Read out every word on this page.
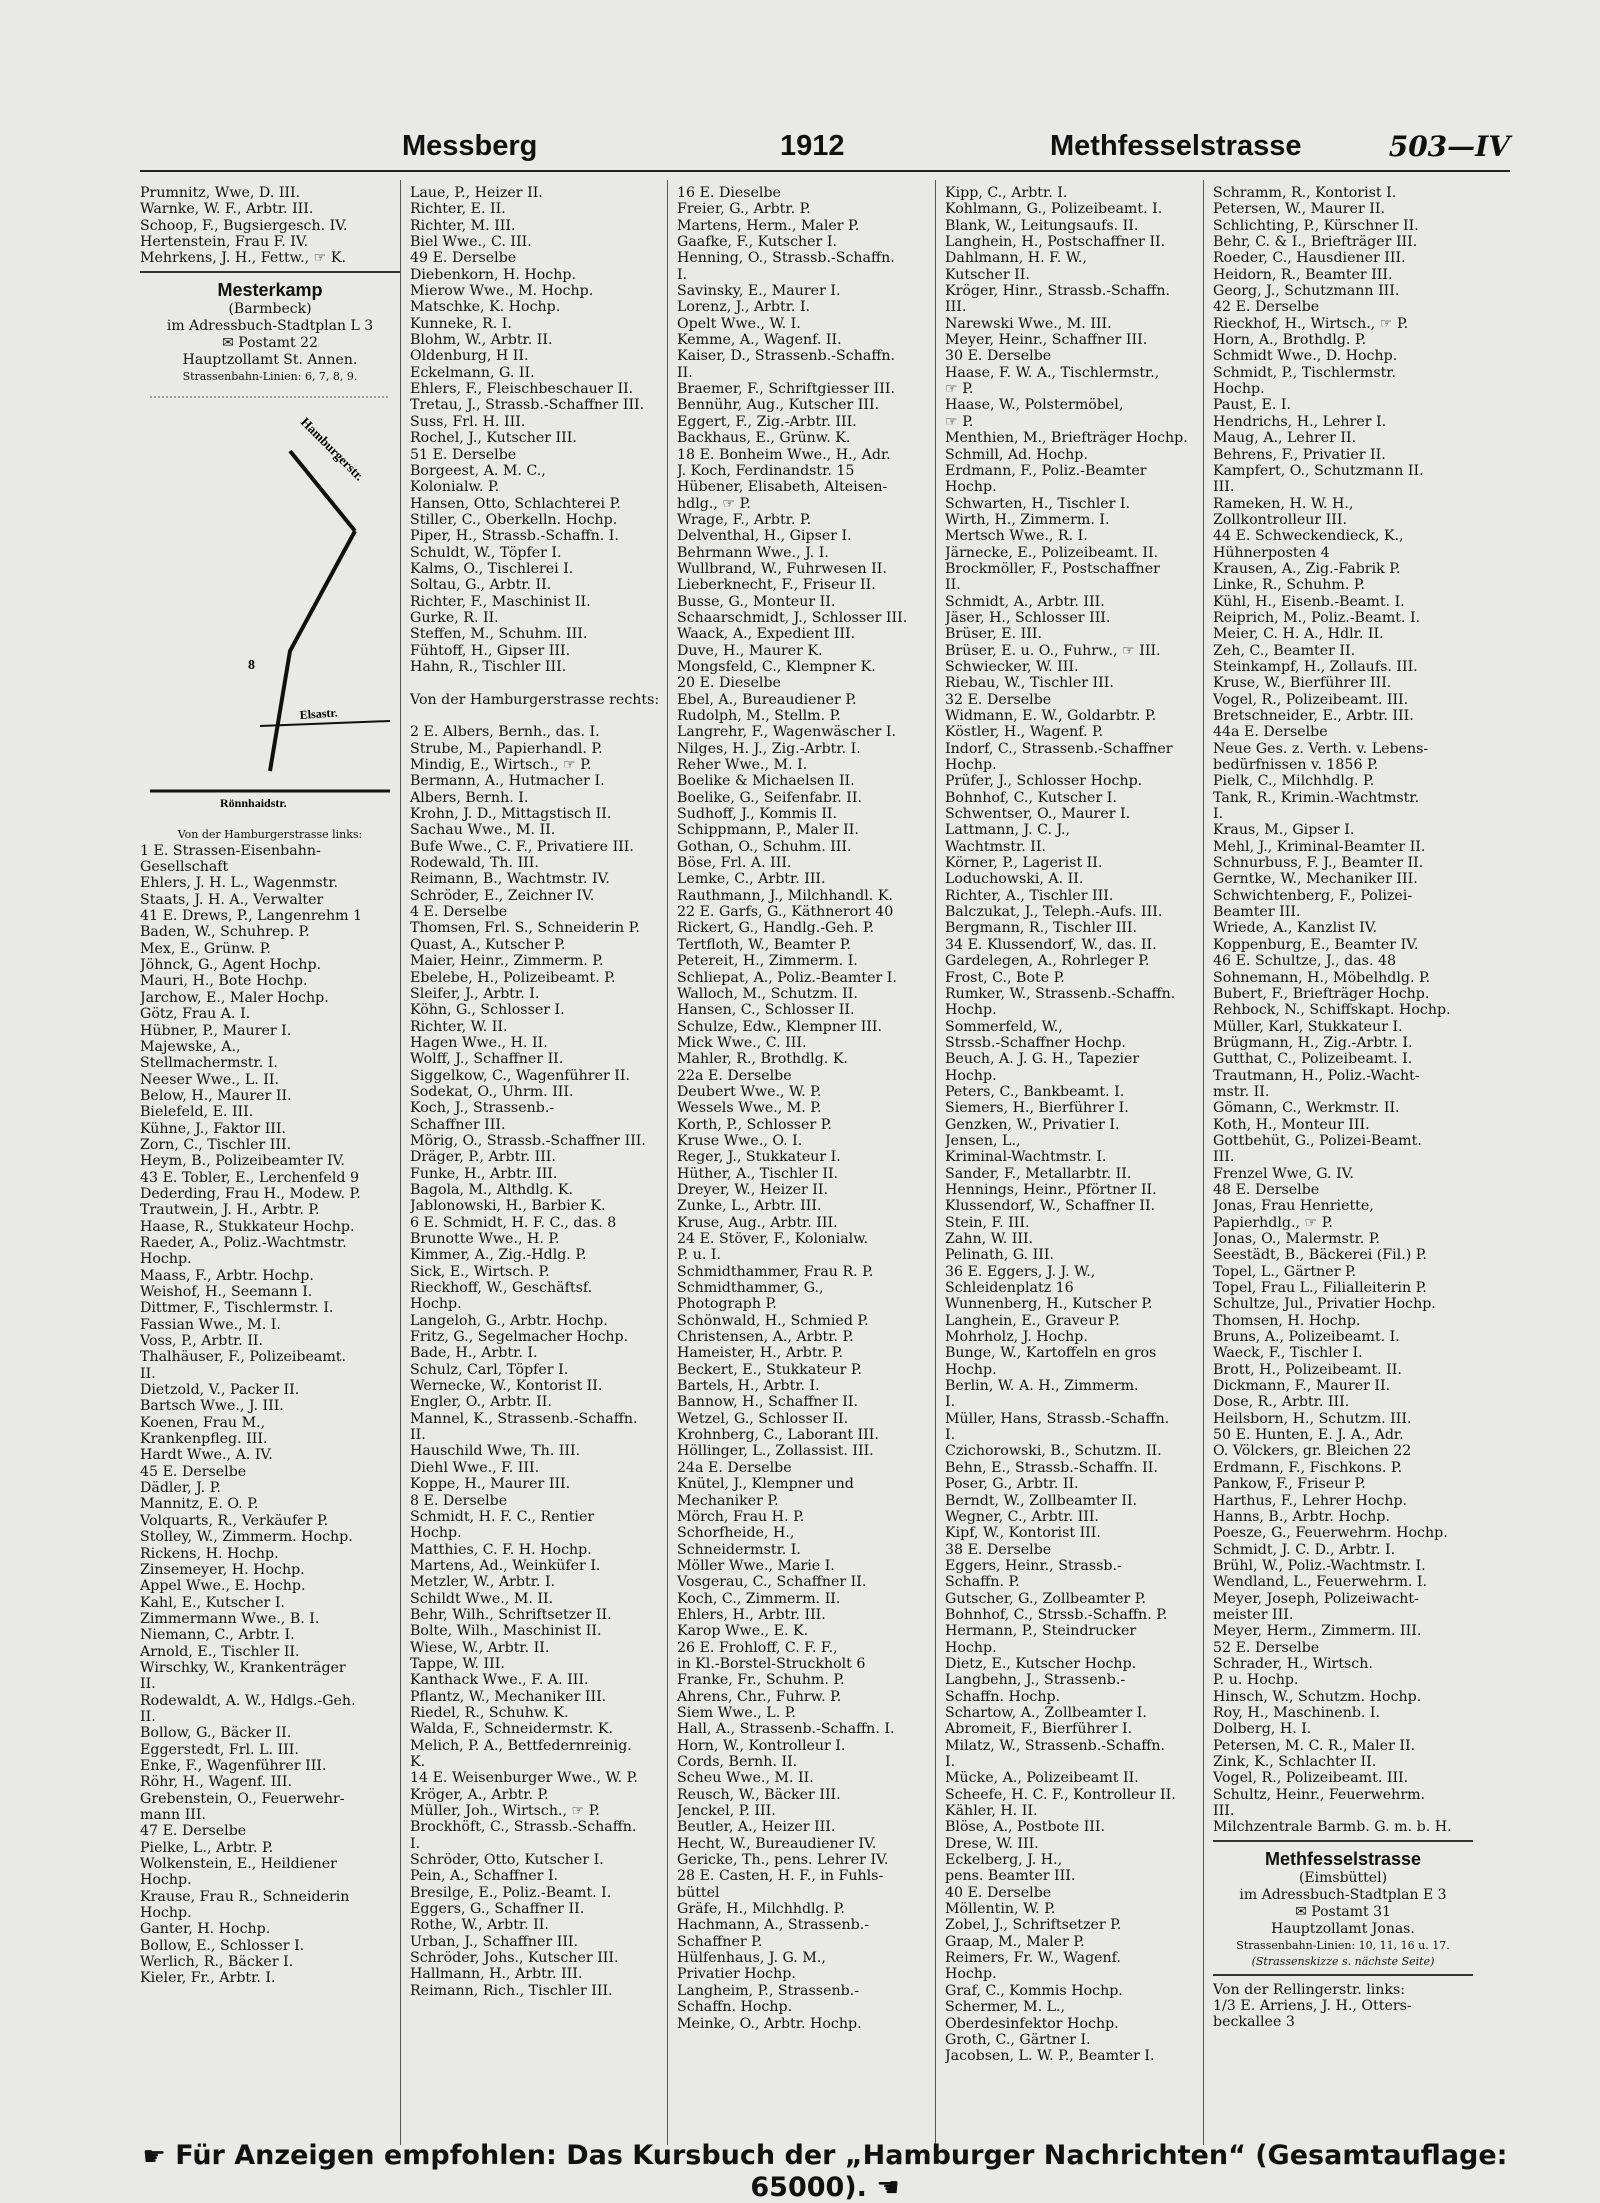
Messberg	1912	Methfesselstrasse	503—IV
Prumnitz, Wwe, D. III.
Warnke, W. F., Arbtr. III.
Schoop, F., Bugsiergesch. IV.
Hertenstein, Frau F. IV.
Mehrkens, J. H., Fettw., ☞ K.
Mesterkamp
(Barmbeck)
im Adressbuch-Stadtplan L 3
✉ Postamt 22
Hauptzollamt St. Annen.
Strassenbahn-Linien: 6, 7, 8, 9.
Hamburgerstr.
Elsastr.
Rönnhaidstr.
8
Von der Hamburgerstrasse links:
1 E. Strassen-Eisenbahn-
Gesellschaft
Ehlers, J. H. L., Wagenmstr.
Staats, J. H. A., Verwalter
41 E. Drews, P., Langenrehm 1
Baden, W., Schuhrep. P.
Mex, E., Grünw. P.
Jöhnck, G., Agent Hochp.
Mauri, H., Bote Hochp.
Jarchow, E., Maler Hochp.
Götz, Frau A. I.
Hübner, P., Maurer I.
Majewske, A.,
Stellmachermstr. I.
Neeser Wwe., L. II.
Below, H., Maurer II.
Bielefeld, E. III.
Kühne, J., Faktor III.
Zorn, C., Tischler III.
Heym, B., Polizeibeamter IV.
43 E. Tobler, E., Lerchenfeld 9
Dederding, Frau H., Modew. P.
Trautwein, J. H., Arbtr. P.
Haase, R., Stukkateur Hochp.
Raeder, A., Poliz.-Wachtmstr.
Hochp.
Maass, F., Arbtr. Hochp.
Weishof, H., Seemann I.
Dittmer, F., Tischlermstr. I.
Fassian Wwe., M. I.
Voss, P., Arbtr. II.
Thalhäuser, F., Polizeibeamt.
II.
Dietzold, V., Packer II.
Bartsch Wwe., J. III.
Koenen, Frau M.,
Krankenpfleg. III.
Hardt Wwe., A. IV.
45 E. Derselbe
Dädler, J. P.
Mannitz, E. O. P.
Volquarts, R., Verkäufer P.
Stolley, W., Zimmerm. Hochp.
Rickens, H. Hochp.
Zinsemeyer, H. Hochp.
Appel Wwe., E. Hochp.
Kahl, E., Kutscher I.
Zimmermann Wwe., B. I.
Niemann, C., Arbtr. I.
Arnold, E., Tischler II.
Wirschky, W., Krankenträger
II.
Rodewaldt, A. W., Hdlgs.-Geh.
II.
Bollow, G., Bäcker II.
Eggerstedt, Frl. L. III.
Enke, F., Wagenführer III.
Röhr, H., Wagenf. III.
Grebenstein, O., Feuerwehr-
mann III.
47 E. Derselbe
Pielke, L., Arbtr. P.
Wolkenstein, E., Heildiener
Hochp.
Krause, Frau R., Schneiderin
Hochp.
Ganter, H. Hochp.
Bollow, E., Schlosser I.
Werlich, R., Bäcker I.
Kieler, Fr., Arbtr. I.
Laue, P., Heizer II.
Richter, E. II.
Richter, M. III.
Biel Wwe., C. III.
49 E. Derselbe
Diebenkorn, H. Hochp.
Mierow Wwe., M. Hochp.
Matschke, K. Hochp.
Kunneke, R. I.
Blohm, W., Arbtr. II.
Oldenburg, H II.
Eckelmann, G. II.
Ehlers, F., Fleischbeschauer II.
Tretau, J., Strassb.-Schaffner III.
Suss, Frl. H. III.
Rochel, J., Kutscher III.
51 E. Derselbe
Borgeest, A. M. C.,
Kolonialw. P.
Hansen, Otto, Schlachterei P.
Stiller, C., Oberkelln. Hochp.
Piper, H., Strassb.-Schaffn. I.
Schuldt, W., Töpfer I.
Kalms, O., Tischlerei I.
Soltau, G., Arbtr. II.
Richter, F., Maschinist II.
Gurke, R. II.
Steffen, M., Schuhm. III.
Fühtoff, H., Gipser III.
Hahn, R., Tischler III.

Von der Hamburgerstrasse rechts:

2 E. Albers, Bernh., das. I.
Strube, M., Papierhandl. P.
Mindig, E., Wirtsch., ☞ P.
Bermann, A., Hutmacher I.
Albers, Bernh. I.
Krohn, J. D., Mittagstisch II.
Sachau Wwe., M. II.
Bufe Wwe., C. F., Privatiere III.
Rodewald, Th. III.
Reimann, B., Wachtmstr. IV.
Schröder, E., Zeichner IV.
4 E. Derselbe
Thomsen, Frl. S., Schneiderin P.
Quast, A., Kutscher P.
Maier, Heinr., Zimmerm. P.
Ebelebe, H., Polizeibeamt. P.
Sleifer, J., Arbtr. I.
Köhn, G., Schlosser I.
Richter, W. II.
Hagen Wwe., H. II.
Wolff, J., Schaffner II.
Siggelkow, C., Wagenführer II.
Sodekat, O., Uhrm. III.
Koch, J., Strassenb.-
Schaffner III.
Mörig, O., Strassb.-Schaffner III.
Dräger, P., Arbtr. III.
Funke, H., Arbtr. III.
Bagola, M., Althdlg. K.
Jablonowski, H., Barbier K.
6 E. Schmidt, H. F. C., das. 8
Brunotte Wwe., H. P.
Kimmer, A., Zig.-Hdlg. P.
Sick, E., Wirtsch. P.
Rieckhoff, W., Geschäftsf.
Hochp.
Langeloh, G., Arbtr. Hochp.
Fritz, G., Segelmacher Hochp.
Bade, H., Arbtr. I.
Schulz, Carl, Töpfer I.
Wernecke, W., Kontorist II.
Engler, O., Arbtr. II.
Mannel, K., Strassenb.-Schaffn.
II.
Hauschild Wwe, Th. III.
Diehl Wwe., F. III.
Koppe, H., Maurer III.
8 E. Derselbe
Schmidt, H. F. C., Rentier
Hochp.
Matthies, C. F. H. Hochp.
Martens, Ad., Weinküfer I.
Metzler, W., Arbtr. I.
Schildt Wwe., M. II.
Behr, Wilh., Schriftsetzer II.
Bolte, Wilh., Maschinist II.
Wiese, W., Arbtr. II.
Tappe, W. III.
Kanthack Wwe., F. A. III.
Pflantz, W., Mechaniker III.
Riedel, R., Schuhw. K.
Walda, F., Schneidermstr. K.
Melich, P. A., Bettfedernreinig.
K.
14 E. Weisenburger Wwe., W. P.
Kröger, A., Arbtr. P.
Müller, Joh., Wirtsch., ☞ P.
Brockhöft, C., Strassb.-Schaffn.
I.
Schröder, Otto, Kutscher I.
Pein, A., Schaffner I.
Bresilge, E., Poliz.-Beamt. I.
Eggers, G., Schaffner II.
Rothe, W., Arbtr. II.
Urban, J., Schaffner III.
Schröder, Johs., Kutscher III.
Hallmann, H., Arbtr. III.
Reimann, Rich., Tischler III.
16 E. Dieselbe
Freier, G., Arbtr. P.
Martens, Herm., Maler P.
Gaafke, F., Kutscher I.
Henning, O., Strassb.-Schaffn.
I.
Savinsky, E., Maurer I.
Lorenz, J., Arbtr. I.
Opelt Wwe., W. I.
Kemme, A., Wagenf. II.
Kaiser, D., Strassenb.-Schaffn.
II.
Braemer, F., Schriftgiesser III.
Bennühr, Aug., Kutscher III.
Eggert, F., Zig.-Arbtr. III.
Backhaus, E., Grünw. K.
18 E. Bonheim Wwe., H., Adr.
J. Koch, Ferdinandstr. 15
Hübener, Elisabeth, Alteisen-
hdlg., ☞ P.
Wrage, F., Arbtr. P.
Delventhal, H., Gipser I.
Behrmann Wwe., J. I.
Wullbrand, W., Fuhrwesen II.
Lieberknecht, F., Friseur II.
Busse, G., Monteur II.
Schaarschmidt, J., Schlosser III.
Waack, A., Expedient III.
Duve, H., Maurer K.
Mongsfeld, C., Klempner K.
20 E. Dieselbe
Ebel, A., Bureaudiener P.
Rudolph, M., Stellm. P.
Langrehr, F., Wagenwäscher I.
Nilges, H. J., Zig.-Arbtr. I.
Reher Wwe., M. I.
Boelike & Michaelsen II.
Boelike, G., Seifenfabr. II.
Sudhoff, J., Kommis II.
Schippmann, P., Maler II.
Gothan, O., Schuhm. III.
Böse, Frl. A. III.
Lemke, C., Arbtr. III.
Rauthmann, J., Milchhandl. K.
22 E. Garfs, G., Käthnerort 40
Rickert, G., Handlg.-Geh. P.
Tertfloth, W., Beamter P.
Petereit, H., Zimmerm. I.
Schliepat, A., Poliz.-Beamter I.
Walloch, M., Schutzm. II.
Hansen, C., Schlosser II.
Schulze, Edw., Klempner III.
Mick Wwe., C. III.
Mahler, R., Brothdlg. K.
22a E. Derselbe
Deubert Wwe., W. P.
Wessels Wwe., M. P.
Korth, P., Schlosser P.
Kruse Wwe., O. I.
Reger, J., Stukkateur I.
Hüther, A., Tischler II.
Dreyer, W., Heizer II.
Zunke, L., Arbtr. III.
Kruse, Aug., Arbtr. III.
24 E. Stöver, F., Kolonialw.
P. u. I.
Schmidthammer, Frau R. P.
Schmidthammer, G.,
Photograph P.
Schönwald, H., Schmied P.
Christensen, A., Arbtr. P.
Hameister, H., Arbtr. P.
Beckert, E., Stukkateur P.
Bartels, H., Arbtr. I.
Bannow, H., Schaffner II.
Wetzel, G., Schlosser II.
Krohnberg, C., Laborant III.
Höllinger, L., Zollassist. III.
24a E. Derselbe
Knütel, J., Klempner und
Mechaniker P.
Mörch, Frau H. P.
Schorfheide, H.,
Schneidermstr. I.
Möller Wwe., Marie I.
Vosgerau, C., Schaffner II.
Koch, C., Zimmerm. II.
Ehlers, H., Arbtr. III.
Karop Wwe., E. K.
26 E. Frohloff, C. F. F.,
in Kl.-Borstel-Struckholt 6
Franke, Fr., Schuhm. P.
Ahrens, Chr., Fuhrw. P.
Siem Wwe., L. P.
Hall, A., Strassenb.-Schaffn. I.
Horn, W., Kontrolleur I.
Cords, Bernh. II.
Scheu Wwe., M. II.
Reusch, W., Bäcker III.
Jenckel, P. III.
Beutler, A., Heizer III.
Hecht, W., Bureaudiener IV.
Gericke, Th., pens. Lehrer IV.
28 E. Casten, H. F., in Fuhls-
büttel
Gräfe, H., Milchhdlg. P.
Hachmann, A., Strassenb.-
Schaffner P.
Hülfenhaus, J. G. M.,
Privatier Hochp.
Langheim, P., Strassenb.-
Schaffn. Hochp.
Meinke, O., Arbtr. Hochp.
Kipp, C., Arbtr. I.
Kohlmann, G., Polizeibeamt. I.
Blank, W., Leitungsaufs. II.
Langhein, H., Postschaffner II.
Dahlmann, H. F. W.,
Kutscher II.
Kröger, Hinr., Strassb.-Schaffn.
III.
Narewski Wwe., M. III.
Meyer, Heinr., Schaffner III.
30 E. Derselbe
Haase, F. W. A., Tischlermstr.,
☞ P.
Haase, W., Polstermöbel,
☞ P.
Menthien, M., Briefträger Hochp.
Schmill, Ad. Hochp.
Erdmann, F., Poliz.-Beamter
Hochp.
Schwarten, H., Tischler I.
Wirth, H., Zimmerm. I.
Mertsch Wwe., R. I.
Järnecke, E., Polizeibeamt. II.
Brockmöller, F., Postschaffner
II.
Schmidt, A., Arbtr. III.
Jäser, H., Schlosser III.
Brüser, E. III.
Brüser, E. u. O., Fuhrw., ☞ III.
Schwiecker, W. III.
Riebau, W., Tischler III.
32 E. Derselbe
Widmann, E. W., Goldarbtr. P.
Köstler, H., Wagenf. P.
Indorf, C., Strassenb.-Schaffner
Hochp.
Prüfer, J., Schlosser Hochp.
Bohnhof, C., Kutscher I.
Schwentser, O., Maurer I.
Lattmann, J. C. J.,
Wachtmstr. II.
Körner, P., Lagerist II.
Loduchowski, A. II.
Richter, A., Tischler III.
Balczukat, J., Teleph.-Aufs. III.
Bergmann, R., Tischler III.
34 E. Klussendorf, W., das. II.
Gardelegen, A., Rohrleger P.
Frost, C., Bote P.
Rumker, W., Strassenb.-Schaffn.
Hochp.
Sommerfeld, W.,
Strssb.-Schaffner Hochp.
Beuch, A. J. G. H., Tapezier
Hochp.
Peters, C., Bankbeamt. I.
Siemers, H., Bierführer I.
Genzken, W., Privatier I.
Jensen, L.,
Kriminal-Wachtmstr. I.
Sander, F., Metallarbtr. II.
Hennings, Heinr., Pförtner II.
Klussendorf, W., Schaffner II.
Stein, F. III.
Zahn, W. III.
Pelinath, G. III.
36 E. Eggers, J. J. W.,
Schleidenplatz 16
Wunnenberg, H., Kutscher P.
Langhein, E., Graveur P.
Mohrholz, J. Hochp.
Bunge, W., Kartoffeln en gros
Hochp.
Berlin, W. A. H., Zimmerm.
I.
Müller, Hans, Strassb.-Schaffn.
I.
Czichorowski, B., Schutzm. II.
Behn, E., Strassb.-Schaffn. II.
Poser, G., Arbtr. II.
Berndt, W., Zollbeamter II.
Wegner, C., Arbtr. III.
Kipf, W., Kontorist III.
38 E. Derselbe
Eggers, Heinr., Strassb.-
Schaffn. P.
Gutscher, G., Zollbeamter P.
Bohnhof, C., Strssb.-Schaffn. P.
Hermann, P., Steindrucker
Hochp.
Dietz, E., Kutscher Hochp.
Langbehn, J., Strassenb.-
Schaffn. Hochp.
Schartow, A., Zollbeamter I.
Abromeit, F., Bierführer I.
Milatz, W., Strassenb.-Schaffn.
I.
Mücke, A., Polizeibeamt II.
Scheefe, H. C. F., Kontrolleur II.
Kähler, H. II.
Blöse, A., Postbote III.
Drese, W. III.
Eckelberg, J. H.,
pens. Beamter III.
40 E. Derselbe
Möllentin, W. P.
Zobel, J., Schriftsetzer P.
Graap, M., Maler P.
Reimers, Fr. W., Wagenf.
Hochp.
Graf, C., Kommis Hochp.
Schermer, M. L.,
Oberdesinfektor Hochp.
Groth, C., Gärtner I.
Jacobsen, L. W. P., Beamter I.
Schramm, R., Kontorist I.
Petersen, W., Maurer II.
Schlichting, P., Kürschner II.
Behr, C. & I., Briefträger III.
Roeder, C., Hausdiener III.
Heidorn, R., Beamter III.
Georg, J., Schutzmann III.
42 E. Derselbe
Rieckhof, H., Wirtsch., ☞ P.
Horn, A., Brothdlg. P.
Schmidt Wwe., D. Hochp.
Schmidt, P., Tischlermstr.
Hochp.
Paust, E. I.
Hendrichs, H., Lehrer I.
Maug, A., Lehrer II.
Behrens, F., Privatier II.
Kampfert, O., Schutzmann II.
III.
Rameken, H. W. H.,
Zollkontrolleur III.
44 E. Schweckendieck, K.,
Hühnerposten 4
Krausen, A., Zig.-Fabrik P.
Linke, R., Schuhm. P.
Kühl, H., Eisenb.-Beamt. I.
Reiprich, M., Poliz.-Beamt. I.
Meier, C. H. A., Hdlr. II.
Zeh, C., Beamter II.
Steinkampf, H., Zollaufs. III.
Kruse, W., Bierführer III.
Vogel, R., Polizeibeamt. III.
Bretschneider, E., Arbtr. III.
44a E. Derselbe
Neue Ges. z. Verth. v. Lebens-
bedürfnissen v. 1856 P.
Pielk, C., Milchhdlg. P.
Tank, R., Krimin.-Wachtmstr.
I.
Kraus, M., Gipser I.
Mehl, J., Kriminal-Beamter II.
Schnurbuss, F. J., Beamter II.
Gerntke, W., Mechaniker III.
Schwichtenberg, F., Polizei-
Beamter III.
Wriede, A., Kanzlist IV.
Koppenburg, E., Beamter IV.
46 E. Schultze, J., das. 48
Sohnemann, H., Möbelhdlg. P.
Bubert, F., Briefträger Hochp.
Rehbock, N., Schiffskapt. Hochp.
Müller, Karl, Stukkateur I.
Brügmann, H., Zig.-Arbtr. I.
Gutthat, C., Polizeibeamt. I.
Trautmann, H., Poliz.-Wacht-
mstr. II.
Gömann, C., Werkmstr. II.
Koth, H., Monteur III.
Gottbehüt, G., Polizei-Beamt.
III.
Frenzel Wwe, G. IV.
48 E. Derselbe
Jonas, Frau Henriette,
Papierhdlg., ☞ P.
Jonas, O., Malermstr. P.
Seestädt, B., Bäckerei (Fil.) P.
Topel, L., Gärtner P.
Topel, Frau L., Filialleiterin P.
Schultze, Jul., Privatier Hochp.
Thomsen, H. Hochp.
Bruns, A., Polizeibeamt. I.
Waeck, F., Tischler I.
Brott, H., Polizeibeamt. II.
Dickmann, F., Maurer II.
Dose, R., Arbtr. III.
Heilsborn, H., Schutzm. III.
50 E. Hunten, E. J. A., Adr.
O. Völckers, gr. Bleichen 22
Erdmann, F., Fischkons. P.
Pankow, F., Friseur P.
Harthus, F., Lehrer Hochp.
Hanns, B., Arbtr. Hochp.
Poesze, G., Feuerwehrm. Hochp.
Schmidt, J. C. D., Arbtr. I.
Brühl, W., Poliz.-Wachtmstr. I.
Wendland, L., Feuerwehrm. I.
Meyer, Joseph, Polizeiwacht-
meister III.
Meyer, Herm., Zimmerm. III.
52 E. Derselbe
Schrader, H., Wirtsch.
P. u. Hochp.
Hinsch, W., Schutzm. Hochp.
Roy, H., Maschinenb. I.
Dolberg, H. I.
Petersen, M. C. R., Maler II.
Zink, K., Schlachter II.
Vogel, R., Polizeibeamt. III.
Schultz, Heinr., Feuerwehrm.
III.
Milchzentrale Barmb. G. m. b. H.
Methfesselstrasse
(Eimsbüttel)
im Adressbuch-Stadtplan E 3
✉ Postamt 31
Hauptzollamt Jonas.
Strassenbahn-Linien: 10, 11, 16 u. 17.
(Strassenskizze s. nächste Seite)
Von der Rellingerstr. links:
1/3 E. Arriens, J. H., Otters-
beckallee 3
☛ Für Anzeigen empfohlen: Das Kursbuch der „Hamburger Nachrichten“ (Gesamtauflage: 65000). ☚
